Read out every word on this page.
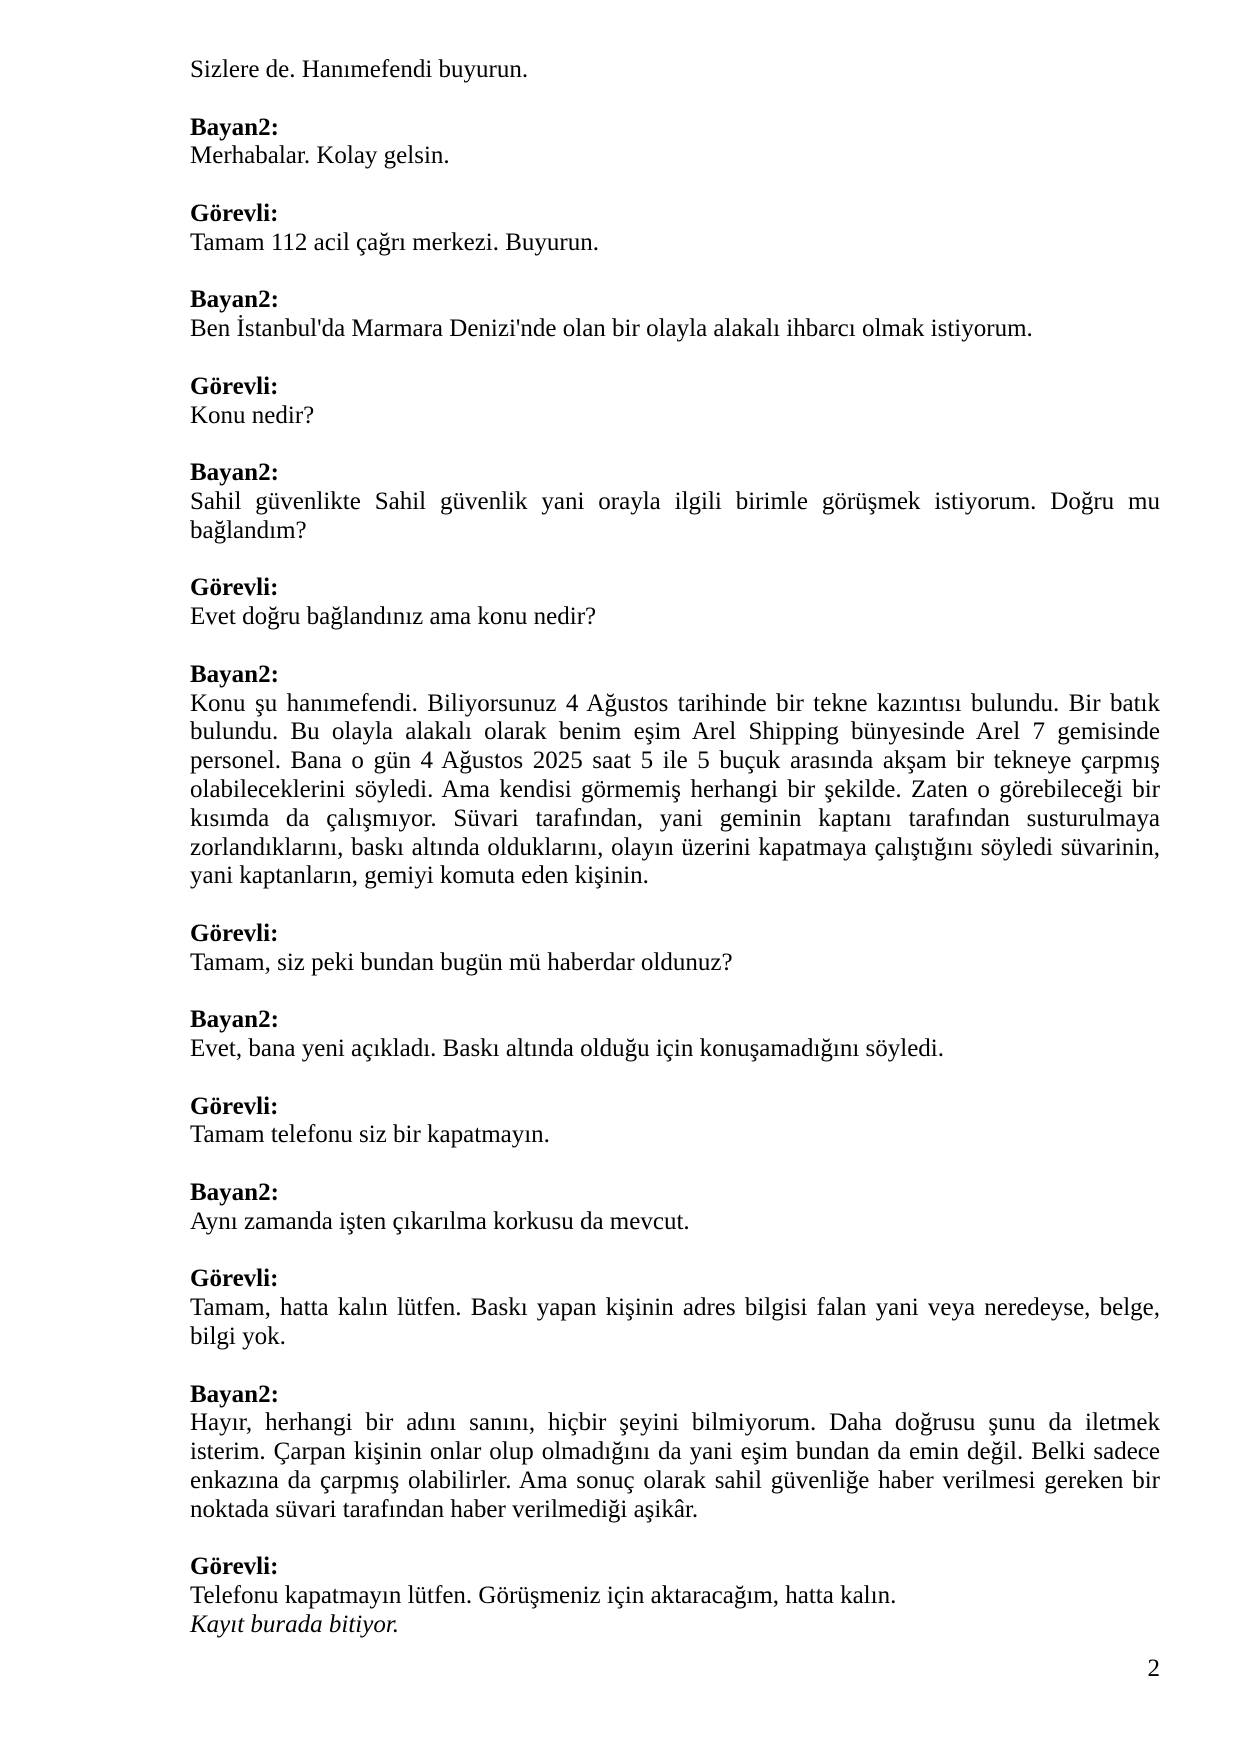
Sizlere de. Hanımefendi buyurun.

Bayan2:

Merhabalar. Kolay gelsin.

Görevli:

Tamam 112 acil çağrı merkezi. Buyurun.

Bayan2:

Ben İstanbul'da Marmara Denizi'nde olan bir olayla alakalı ihbarcı olmak istiyorum.

Görevli:

Konu nedir?

Bayan2:

Sahil güvenlikte Sahil güvenlik yani orayla ilgili birimle görüşmek istiyorum. Doğru mu bağlandım?

Görevli:

Evet doğru bağlandınız ama konu nedir?

Bayan2:

Konu şu hanımefendi. Biliyorsunuz 4 Ağustos tarihinde bir tekne kazıntısı bulundu. Bir batık bulundu. Bu olayla alakalı olarak benim eşim Arel Shipping bünyesinde Arel 7 gemisinde personel. Bana o gün 4 Ağustos 2025 saat 5 ile 5 buçuk arasında akşam bir tekneye çarpmış olabileceklerini söyledi. Ama kendisi görmemiş herhangi bir şekilde. Zaten o görebileceği bir kısımda da çalışmıyor. Süvari tarafından, yani geminin kaptanı tarafından susturulmaya zorlandıklarını, baskı altında olduklarını, olayın üzerini kapatmaya çalıştığını söyledi süvarinin, yani kaptanların, gemiyi komuta eden kişinin.

Görevli:

Tamam, siz peki bundan bugün mü haberdar oldunuz?

Bayan2:

Evet, bana yeni açıkladı. Baskı altında olduğu için konuşamadığını söyledi.

Görevli:

Tamam telefonu siz bir kapatmayın.

Bayan2:

Aynı zamanda işten çıkarılma korkusu da mevcut.

Görevli:

Tamam, hatta kalın lütfen. Baskı yapan kişinin adres bilgisi falan yani veya neredeyse, belge, bilgi yok.

Bayan2:

Hayır, herhangi bir adını sanını, hiçbir şeyini bilmiyorum. Daha doğrusu şunu da iletmek isterim. Çarpan kişinin onlar olup olmadığını da yani eşim bundan da emin değil. Belki sadece enkazına da çarpmış olabilirler. Ama sonuç olarak sahil güvenliğe haber verilmesi gereken bir noktada süvari tarafından haber verilmediği aşikâr.

Görevli:

Telefonu kapatmayın lütfen. Görüşmeniz için aktaracağım, hatta kalın.

Kayıt burada bitiyor.

2
